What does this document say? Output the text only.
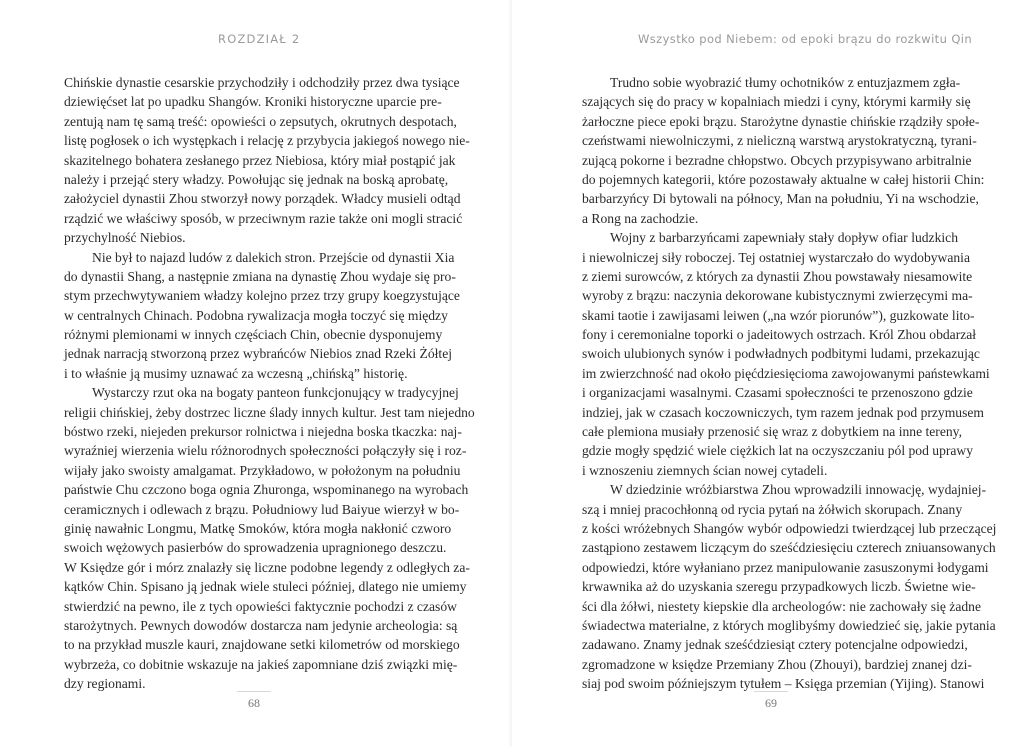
ROZDZIAŁ 2
Chińskie dynastie cesarskie przychodziły i odchodziły przez dwa tysiące
dziewięćset lat po upadku Shangów. Kroniki historyczne uparcie pre-
zentują nam tę samą treść: opowieści o zepsutych, okrutnych despotach,
listę pogłosek o ich występkach i relację z przybycia jakiegoś nowego nie-
skazitelnego bohatera zesłanego przez Niebiosa, który miał postąpić jak
należy i przejąć stery władzy. Powołując się jednak na boską aprobatę,
założyciel dynastii Zhou stworzył nowy porządek. Władcy musieli odtąd
rządzić we właściwy sposób, w przeciwnym razie także oni mogli stracić
przychylność Niebios.
Nie był to najazd ludów z dalekich stron. Przejście od dynastii Xia
do dynastii Shang, a następnie zmiana na dynastię Zhou wydaje się pro-
stym przechwytywaniem władzy kolejno przez trzy grupy koegzystujące
w centralnych Chinach. Podobna rywalizacja mogła toczyć się między
różnymi plemionami w innych częściach Chin, obecnie dysponujemy
jednak narracją stworzoną przez wybrańców Niebios znad Rzeki Żółtej
i to właśnie ją musimy uznawać za wczesną „chińską” historię.
Wystarczy rzut oka na bogaty panteon funkcjonujący w tradycyjnej
religii chińskiej, żeby dostrzec liczne ślady innych kultur. Jest tam niejedno
bóstwo rzeki, niejeden prekursor rolnictwa i niejedna boska tkaczka: naj-
wyraźniej wierzenia wielu różnorodnych społeczności połączyły się i roz-
wijały jako swoisty amalgamat. Przykładowo, w położonym na południu
państwie Chu czczono boga ognia Zhuronga, wspominanego na wyrobach
ceramicznych i odlewach z brązu. Południowy lud Baiyue wierzył w bo-
ginię nawałnic Longmu, Matkę Smoków, która mogła nakłonić czworo
swoich wężowych pasierbów do sprowadzenia upragnionego deszczu.
W Księdze gór i mórz znalazły się liczne podobne legendy z odległych za-
kątków Chin. Spisano ją jednak wiele stuleci później, dlatego nie umiemy
stwierdzić na pewno, ile z tych opowieści faktycznie pochodzi z czasów
starożytnych. Pewnych dowodów dostarcza nam jedynie archeologia: są
to na przykład muszle kauri, znajdowane setki kilometrów od morskiego
wybrzeża, co dobitnie wskazuje na jakieś zapomniane dziś związki mię-
dzy regionami.
68
Wszystko pod Niebem: od epoki brązu do rozkwitu Qin
Trudno sobie wyobrazić tłumy ochotników z entuzjazmem zgła-
szających się do pracy w kopalniach miedzi i cyny, którymi karmiły się
żarłoczne piece epoki brązu. Starożytne dynastie chińskie rządziły społe-
czeństwami niewolniczymi, z nieliczną warstwą arystokratyczną, tyrani-
zującą pokorne i bezradne chłopstwo. Obcych przypisywano arbitralnie
do pojemnych kategorii, które pozostawały aktualne w całej historii Chin:
barbarzyńcy Di bytowali na północy, Man na południu, Yi na wschodzie,
a Rong na zachodzie.
Wojny z barbarzyńcami zapewniały stały dopływ ofiar ludzkich
i niewolniczej siły roboczej. Tej ostatniej wystarczało do wydobywania
z ziemi surowców, z których za dynastii Zhou powstawały niesamowite
wyroby z brązu: naczynia dekorowane kubistycznymi zwierzęcymi ma-
skami taotie i zawijasami leiwen („na wzór piorunów”), guzkowate lito-
fony i ceremonialne toporki o jadeitowych ostrzach. Król Zhou obdarzał
swoich ulubionych synów i podwładnych podbitymi ludami, przekazując
im zwierzchność nad około pięćdziesięcioma zawojowanymi państewkami
i organizacjami wasalnymi. Czasami społeczności te przenoszono gdzie
indziej, jak w czasach koczowniczych, tym razem jednak pod przymusem
całe plemiona musiały przenosić się wraz z dobytkiem na inne tereny,
gdzie mogły spędzić wiele ciężkich lat na oczyszczaniu pól pod uprawy
i wznoszeniu ziemnych ścian nowej cytadeli.
W dziedzinie wróżbiarstwa Zhou wprowadzili innowację, wydajniej-
szą i mniej pracochłonną od rycia pytań na żółwich skorupach. Znany
z kości wróżebnych Shangów wybór odpowiedzi twierdzącej lub przeczącej
zastąpiono zestawem liczącym do sześćdziesięciu czterech zniuansowanych
odpowiedzi, które wyłaniano przez manipulowanie zasuszonymi łodygami
krwawnika aż do uzyskania szeregu przypadkowych liczb. Świetne wie-
ści dla żółwi, niestety kiepskie dla archeologów: nie zachowały się żadne
świadectwa materialne, z których moglibyśmy dowiedzieć się, jakie pytania
zadawano. Znamy jednak sześćdziesiąt cztery potencjalne odpowiedzi,
zgromadzone w księdze Przemiany Zhou (Zhouyi), bardziej znanej dzi-
siaj pod swoim późniejszym tytułem – Księga przemian (Yijing). Stanowi
69
